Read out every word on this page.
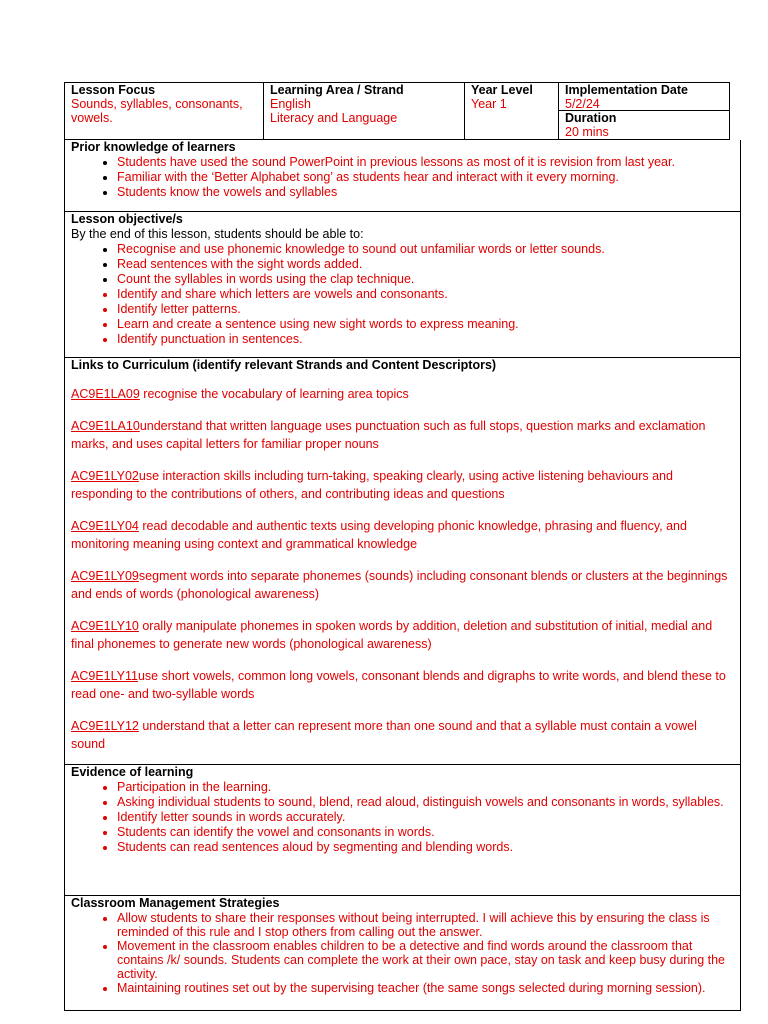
Lesson Focus
Sounds, syllables, consonants, vowels.

Learning Area / Strand
English
Literacy and Language

Year Level
Year 1

Implementation Date
5/2/24
Duration
20 mins
Prior knowledge of learners
• Students have used the sound PowerPoint in previous lessons as most of it is revision from last year.
• Familiar with the ‘Better Alphabet song’ as students hear and interact with it every morning.
• Students know the vowels and syllables
Lesson objective/s
By the end of this lesson, students should be able to:
• Recognise and use phonemic knowledge to sound out unfamiliar words or letter sounds.
• Read sentences with the sight words added.
• Count the syllables in words using the clap technique.
• Identify and share which letters are vowels and consonants.
• Identify letter patterns.
• Learn and create a sentence using new sight words to express meaning.
• Identify punctuation in sentences.
Links to Curriculum (identify relevant Strands and Content Descriptors)

AC9E1LA09 recognise the vocabulary of learning area topics

AC9E1LA10understand that written language uses punctuation such as full stops, question marks and exclamation marks, and uses capital letters for familiar proper nouns

AC9E1LY02use interaction skills including turn-taking, speaking clearly, using active listening behaviours and responding to the contributions of others, and contributing ideas and questions

AC9E1LY04 read decodable and authentic texts using developing phonic knowledge, phrasing and fluency, and monitoring meaning using context and grammatical knowledge

AC9E1LY09segment words into separate phonemes (sounds) including consonant blends or clusters at the beginnings and ends of words (phonological awareness)

AC9E1LY10 orally manipulate phonemes in spoken words by addition, deletion and substitution of initial, medial and final phonemes to generate new words (phonological awareness)

AC9E1LY11use short vowels, common long vowels, consonant blends and digraphs to write words, and blend these to read one- and two-syllable words

AC9E1LY12 understand that a letter can represent more than one sound and that a syllable must contain a vowel sound

Evidence of learning
• Participation in the learning.
• Asking individual students to sound, blend, read aloud, distinguish vowels and consonants in words, syllables.
• Identify letter sounds in words accurately.
• Students can identify the vowel and consonants in words.
• Students can read sentences aloud by segmenting and blending words.
Classroom Management Strategies
• Allow students to share their responses without being interrupted. I will achieve this by ensuring the class is reminded of this rule and I stop others from calling out the answer.
• Movement in the classroom enables children to be a detective and find words around the classroom that contains /k/ sounds. Students can complete the work at their own pace, stay on task and keep busy during the activity.
• Maintaining routines set out by the supervising teacher (the same songs selected during morning session).
